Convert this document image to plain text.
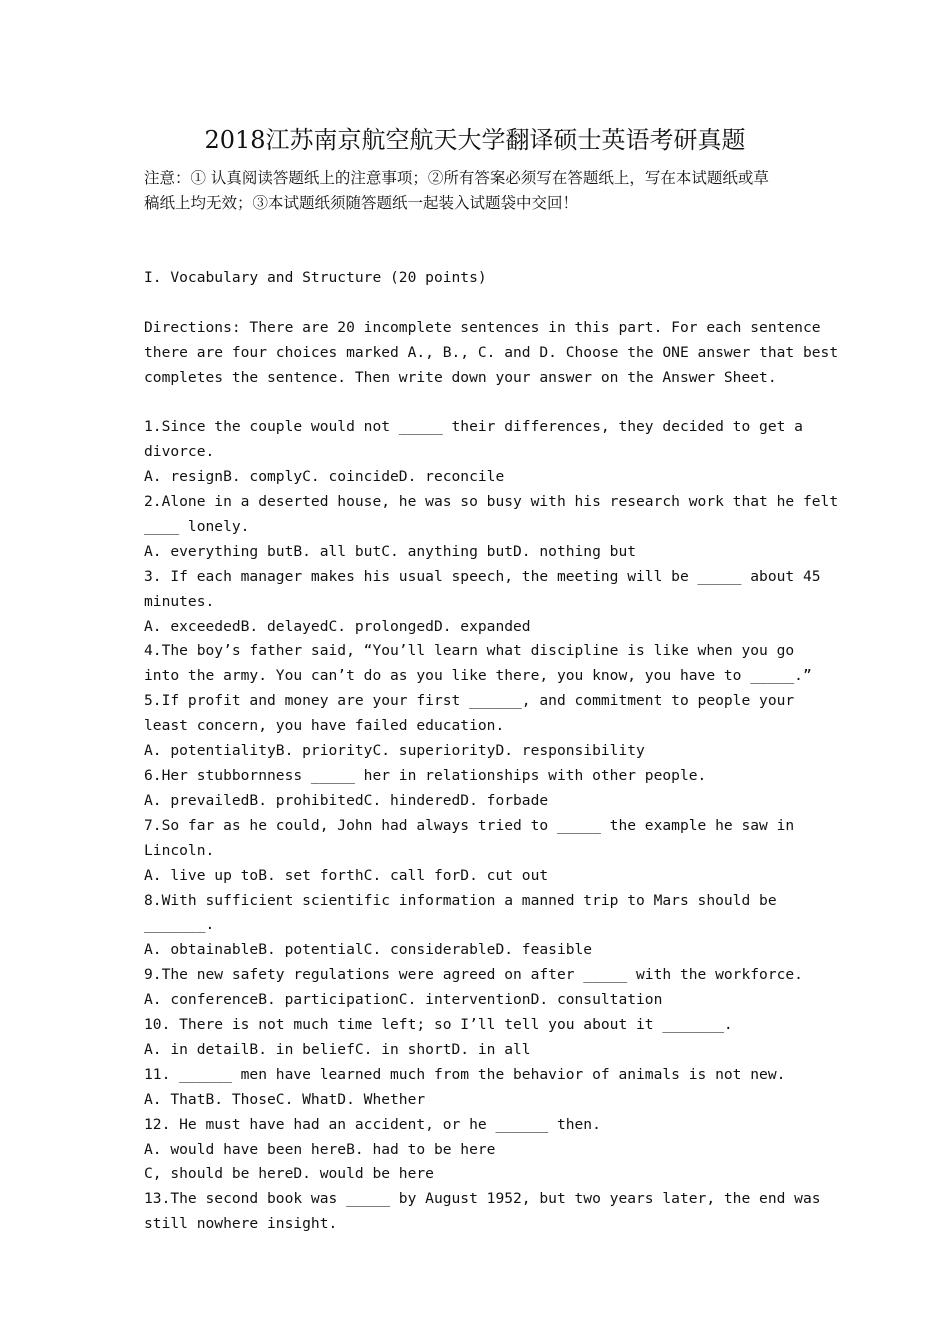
2018江苏南京航空航天大学翻译硕士英语考研真题
注意：① 认真阅读答题纸上的注意事项；②所有答案必须写在答题纸上，写在本试题纸或草
稿纸上均无效；③本试题纸须随答题纸一起装入试题袋中交回！
I. Vocabulary and Structure (20 points)
Directions: There are 20 incomplete sentences in this part. For each sentence
there are four choices marked A., B., C. and D. Choose the ONE answer that best
completes the sentence. Then write down your answer on the Answer Sheet.
1.Since the couple would not _____ their differences, they decided to get a
divorce.
A. resignB. complyC. coincideD. reconcile
2.Alone in a deserted house, he was so busy with his research work that he felt
____ lonely.
A. everything butB. all butC. anything butD. nothing but
3. If each manager makes his usual speech, the meeting will be _____ about 45
minutes.
A. exceededB. delayedC. prolongedD. expanded
4.The boy’s father said, “You’ll learn what discipline is like when you go
into the army. You can’t do as you like there, you know, you have to _____.”
5.If profit and money are your first ______, and commitment to people your
least concern, you have failed education.
A. potentialityB. priorityC. superiorityD. responsibility
6.Her stubbornness _____ her in relationships with other people.
A. prevailedB. prohibitedC. hinderedD. forbade
7.So far as he could, John had always tried to _____ the example he saw in
Lincoln.
A. live up toB. set forthC. call forD. cut out
8.With sufficient scientific information a manned trip to Mars should be
_______.
A. obtainableB. potentialC. considerableD. feasible
9.The new safety regulations were agreed on after _____ with the workforce.
A. conferenceB. participationC. interventionD. consultation
10. There is not much time left; so I’ll tell you about it _______.
A. in detailB. in beliefC. in shortD. in all
11. ______ men have learned much from the behavior of animals is not new.
A. ThatB. ThoseC. WhatD. Whether
12. He must have had an accident, or he ______ then.
A. would have been hereB. had to be here
C, should be hereD. would be here
13.The second book was _____ by August 1952, but two years later, the end was
still nowhere insight.
